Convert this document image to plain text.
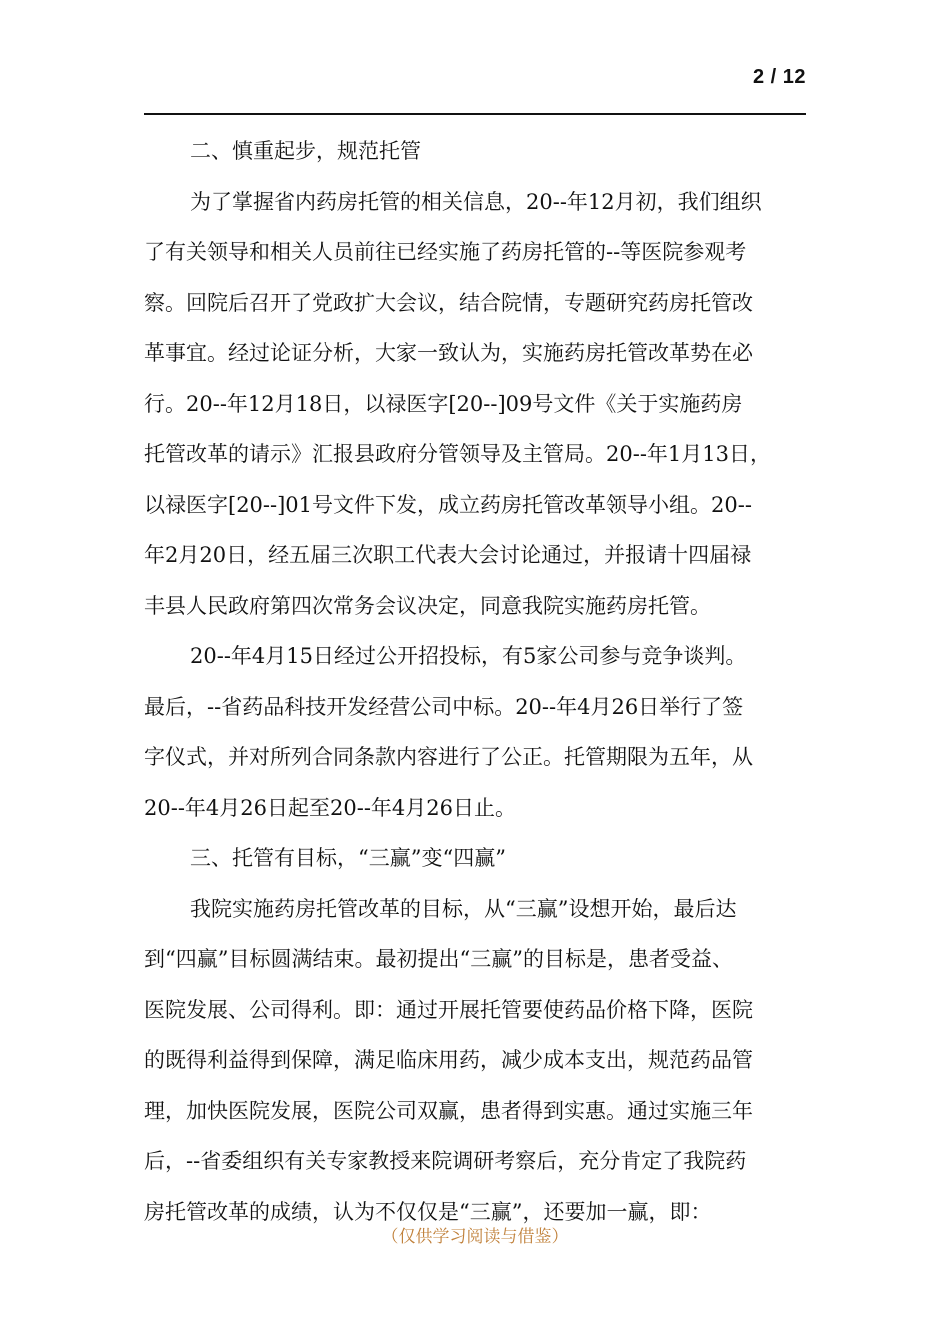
2 / 12
二、慎重起步，规范托管
为了掌握省内药房托管的相关信息，20--年12月初，我们组织
了有关领导和相关人员前往已经实施了药房托管的--等医院参观考
察。回院后召开了党政扩大会议，结合院情，专题研究药房托管改
革事宜。经过论证分析，大家一致认为，实施药房托管改革势在必
行。20--年12月18日，以禄医字[20--]09号文件《关于实施药房
托管改革的请示》汇报县政府分管领导及主管局。20--年1月13日，
以禄医字[20--]01号文件下发，成立药房托管改革领导小组。20--
年2月20日，经五届三次职工代表大会讨论通过，并报请十四届禄
丰县人民政府第四次常务会议决定，同意我院实施药房托管。
20--年4月15日经过公开招投标，有5家公司参与竞争谈判。
最后，--省药品科技开发经营公司中标。20--年4月26日举行了签
字仪式，并对所列合同条款内容进行了公正。托管期限为五年，从
20--年4月26日起至20--年4月26日止。
三、托管有目标，“三赢”变“四赢”
我院实施药房托管改革的目标，从“三赢”设想开始，最后达
到“四赢”目标圆满结束。最初提出“三赢”的目标是，患者受益、
医院发展、公司得利。即：通过开展托管要使药品价格下降，医院
的既得利益得到保障，满足临床用药，减少成本支出，规范药品管
理，加快医院发展，医院公司双赢，患者得到实惠。通过实施三年
后，--省委组织有关专家教授来院调研考察后，充分肯定了我院药
房托管改革的成绩，认为不仅仅是“三赢”，还要加一赢，即：
（仅供学习阅读与借鉴）
